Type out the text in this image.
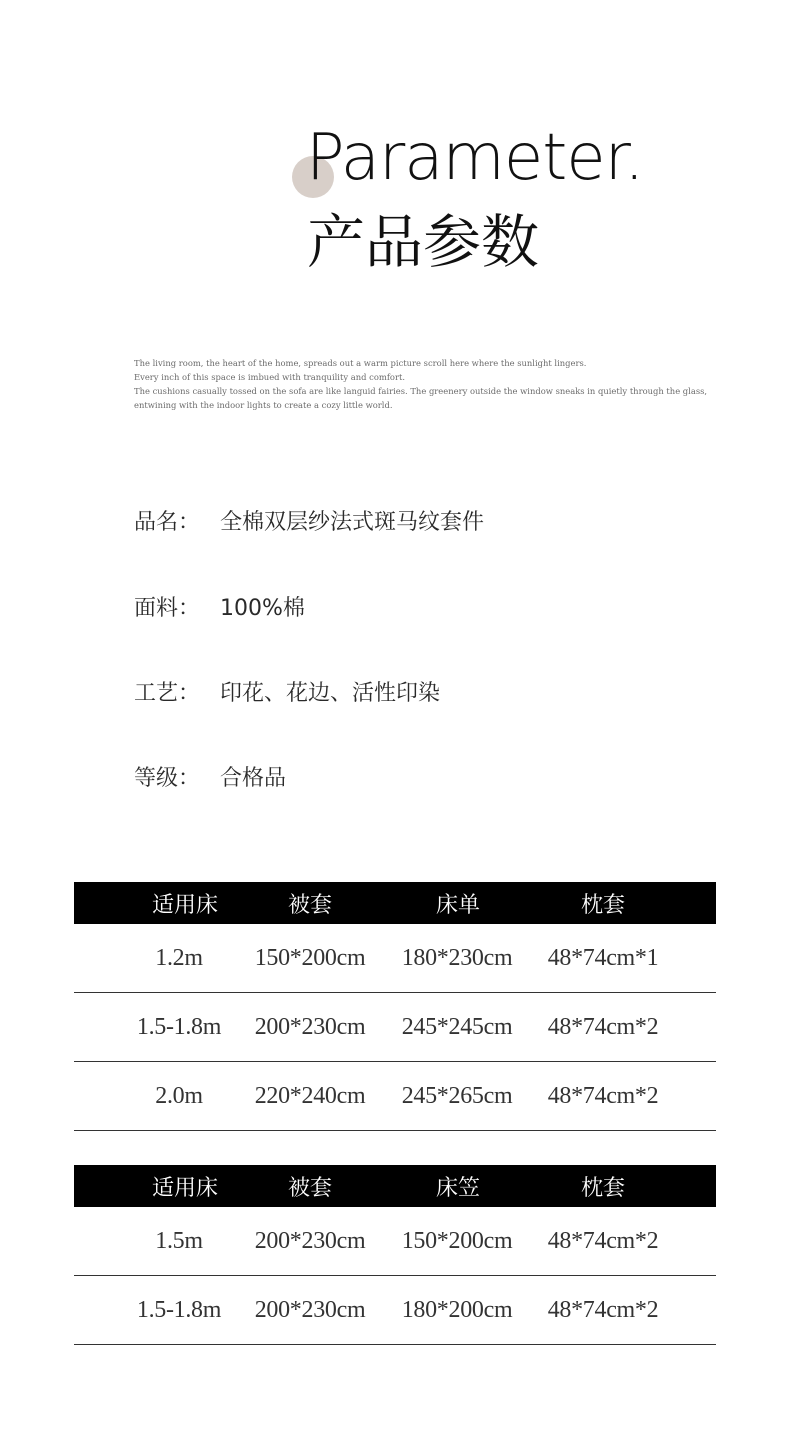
Parameter.
产品参数
The living room, the heart of the home, spreads out a warm picture scroll here where the sunlight lingers.
Every inch of this space is imbued with tranquility and comfort.
The cushions casually tossed on the sofa are like languid fairies. The greenery outside the window sneaks in quietly through the glass,
entwining with the indoor lights to create a cozy little world.
品名： 全棉双层纱法式斑马纹套件
面料： 100%棉
工艺： 印花、花边、活性印染
等级： 合格品
适用床	被套	床单	枕套
1.2m 150*200cm 180*230cm 48*74cm*1
1.5-1.8m 200*230cm 245*245cm 48*74cm*2
2.0m 220*240cm 245*265cm 48*74cm*2
适用床	被套	床笠	枕套
1.5m 200*230cm 150*200cm 48*74cm*2
1.5-1.8m 200*230cm 180*200cm 48*74cm*2
